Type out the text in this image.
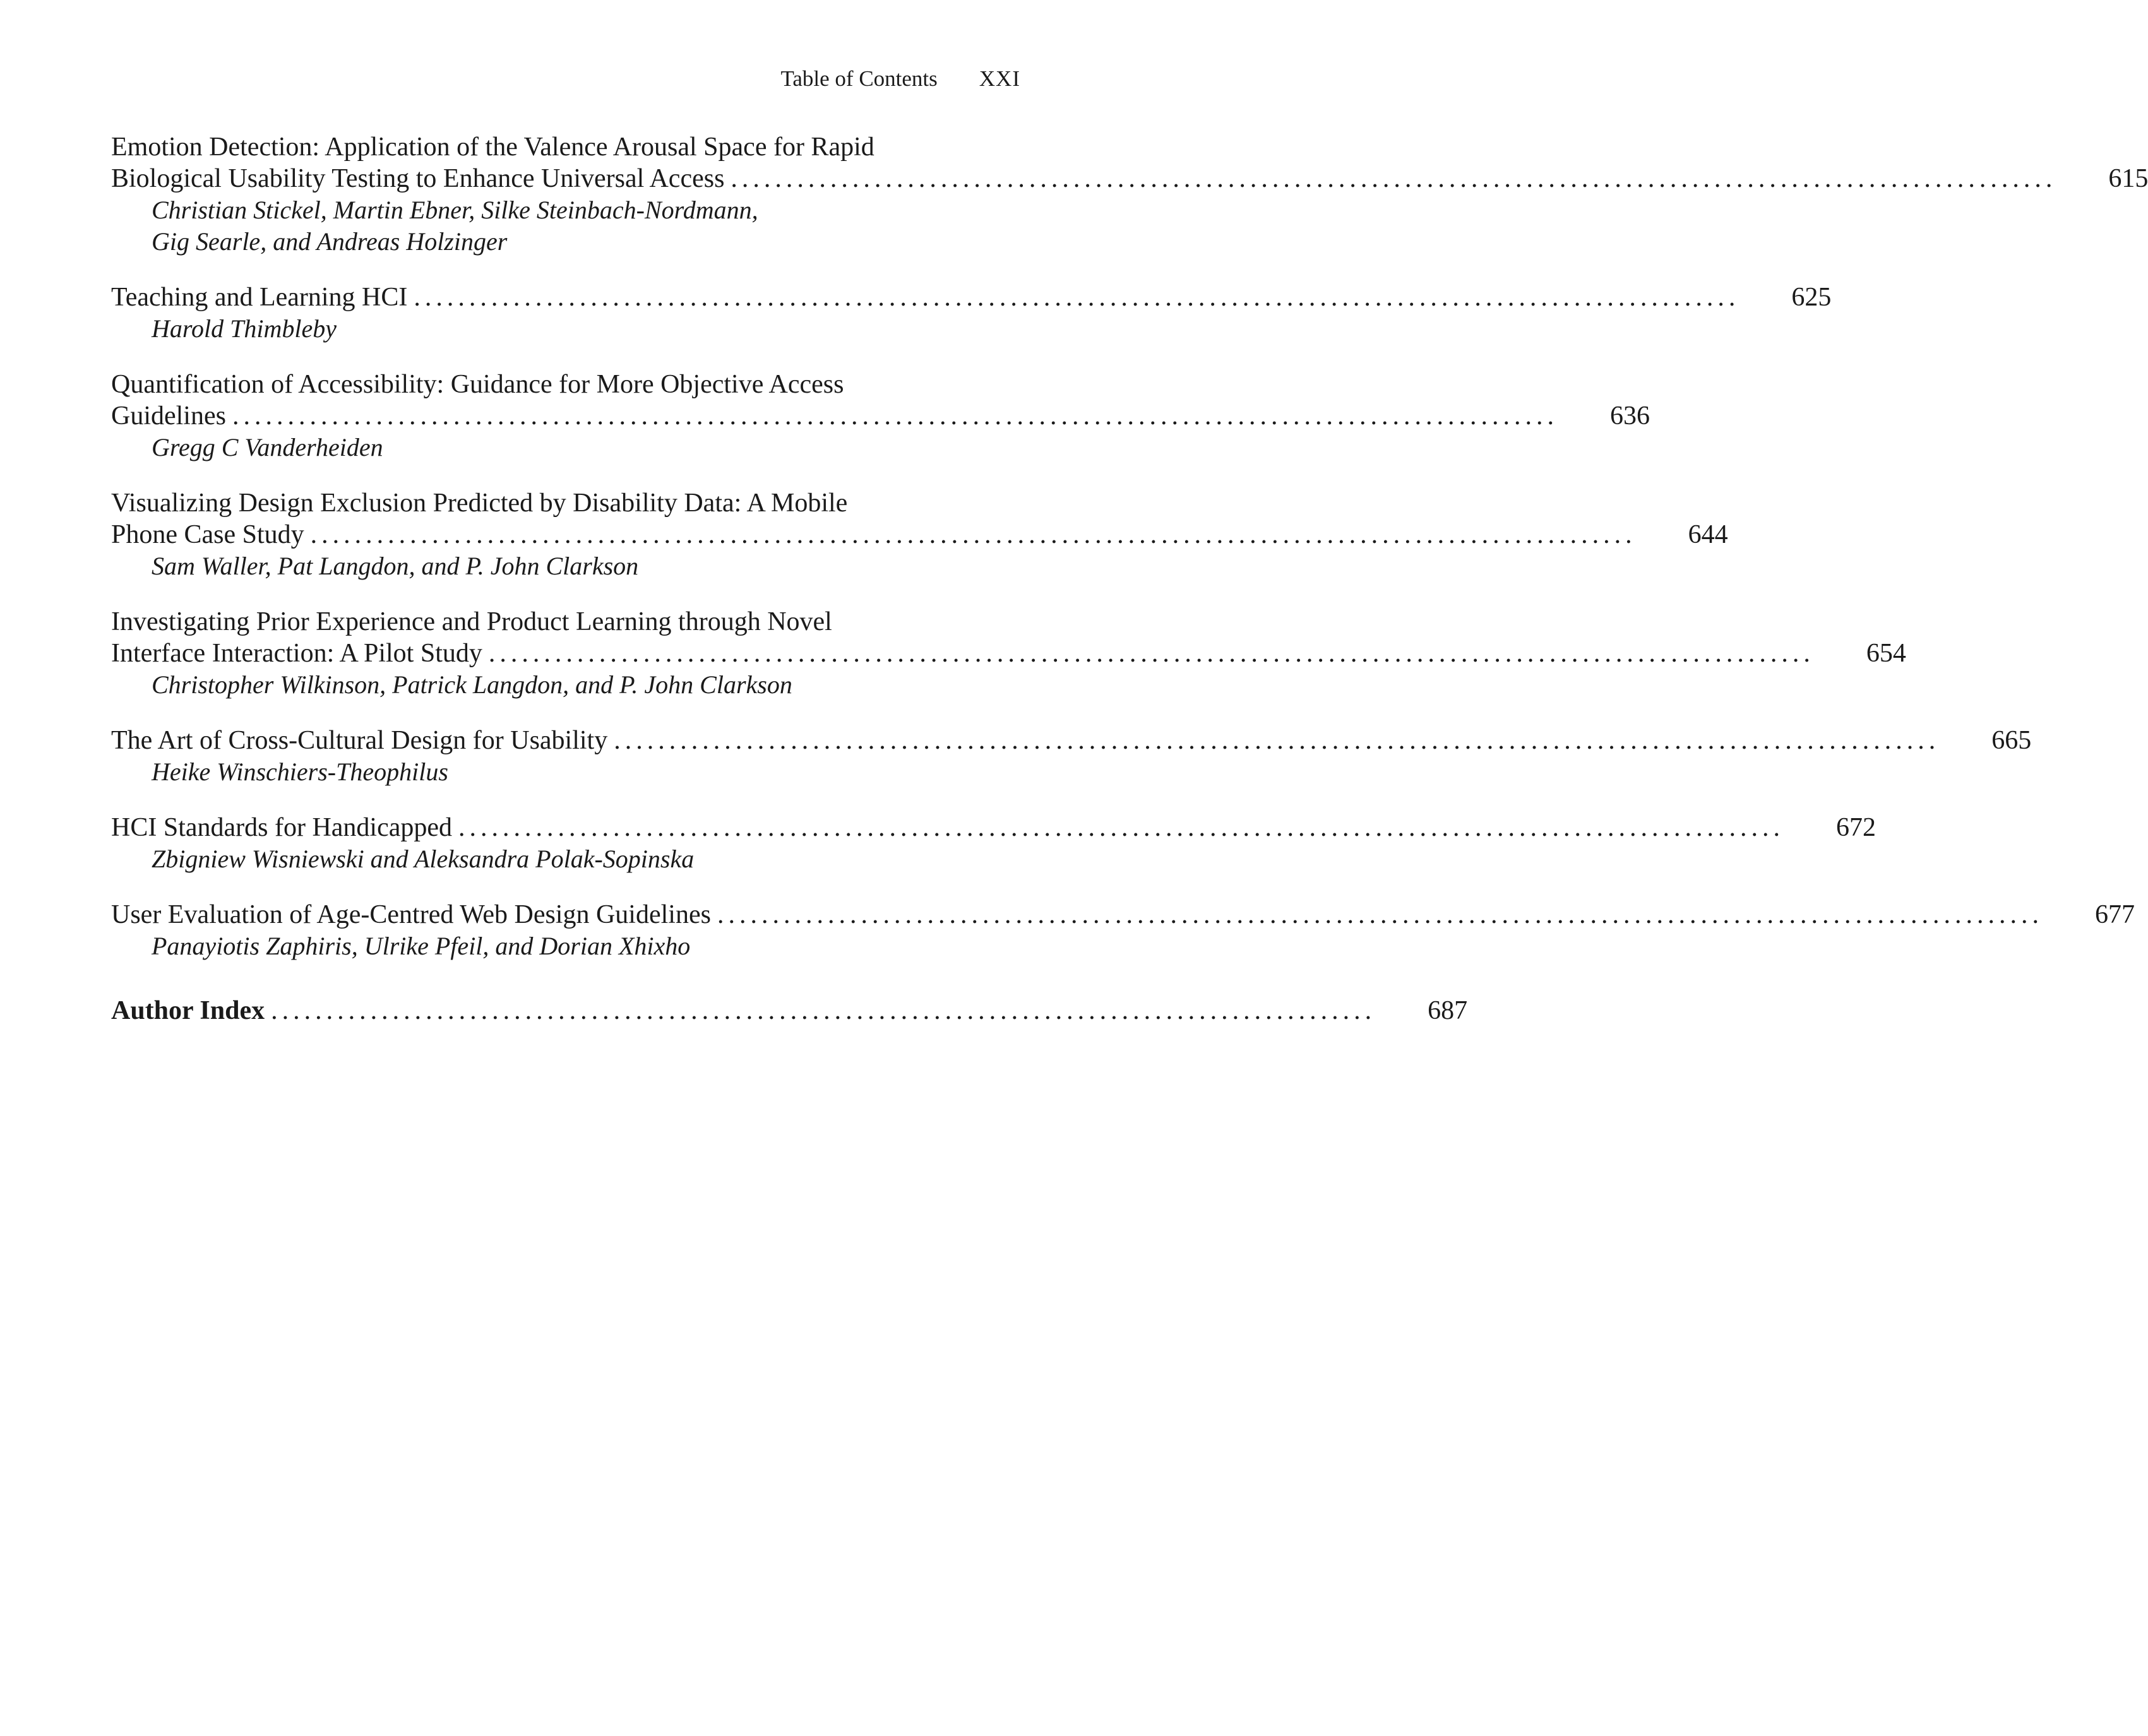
Table of Contents XXI
Emotion Detection: Application of the Valence Arousal Space for Rapid
Biological Usability Testing to Enhance Universal Access ........................................................................................................................	615
Christian Stickel, Martin Ebner, Silke Steinbach-Nordmann,
Gig Searle, and Andreas Holzinger
Teaching and Learning HCI ........................................................................................................................	625
Harold Thimbleby
Quantification of Accessibility: Guidance for More Objective Access
Guidelines ........................................................................................................................	636
Gregg C Vanderheiden
Visualizing Design Exclusion Predicted by Disability Data: A Mobile
Phone Case Study ........................................................................................................................	644
Sam Waller, Pat Langdon, and P. John Clarkson
Investigating Prior Experience and Product Learning through Novel
Interface Interaction: A Pilot Study ........................................................................................................................	654
Christopher Wilkinson, Patrick Langdon, and P. John Clarkson
The Art of Cross-Cultural Design for Usability ........................................................................................................................	665
Heike Winschiers-Theophilus
HCI Standards for Handicapped ........................................................................................................................	672
Zbigniew Wisniewski and Aleksandra Polak-Sopinska
User Evaluation of Age-Centred Web Design Guidelines ........................................................................................................................	677
Panayiotis Zaphiris, Ulrike Pfeil, and Dorian Xhixho
Author Index ....................................................................................................	687
